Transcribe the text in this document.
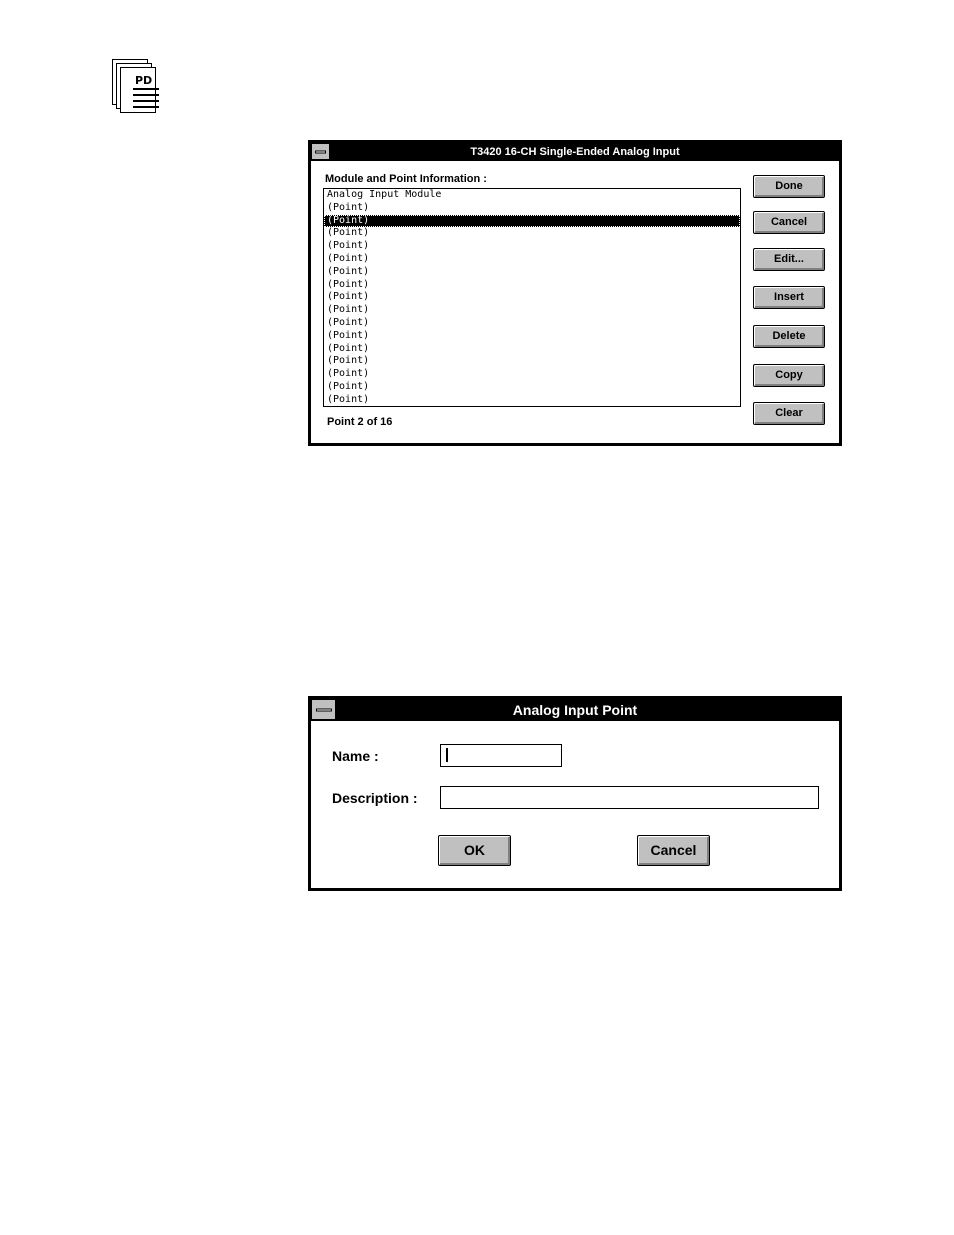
PD
T3420 16-CH Single-Ended Analog Input
Module and Point Information :
Analog Input Module
(Point)
(Point)
(Point)
(Point)
(Point)
(Point)
(Point)
(Point)
(Point)
(Point)
(Point)
(Point)
(Point)
(Point)
(Point)
(Point)
Point 2 of 16
Done
Cancel
Edit...
Insert
Delete
Copy
Clear
Analog Input Point
Name :
Description :
OK	Cancel
